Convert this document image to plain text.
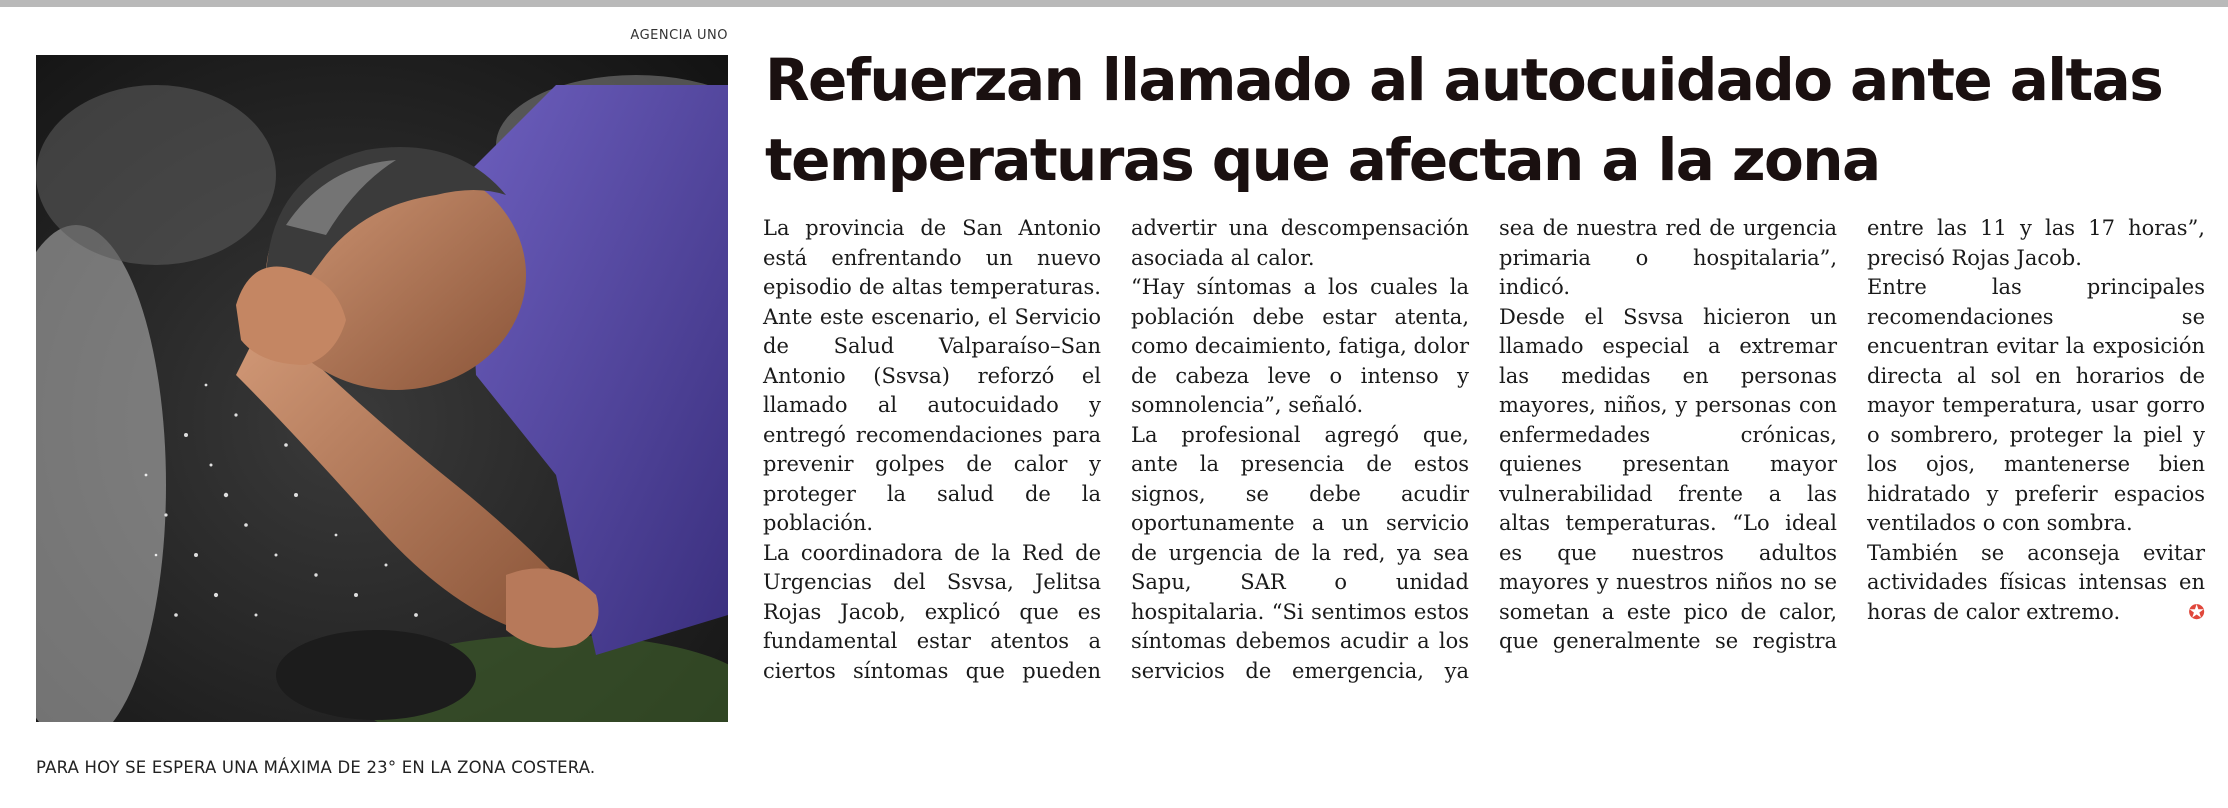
AGENCIA UNO
PARA HOY SE ESPERA UNA MÁXIMA DE 23° EN LA ZONA COSTERA.
Refuerzan llamado al autocuidado ante altas temperaturas que afectan a la zona

La provincia de San Antonio está enfrentando un nuevo episodio de altas temperaturas. Ante este escenario, el Servicio de Salud Valparaíso–San Antonio (Ssvsa) reforzó el llamado al autocuidado y entregó recomendaciones para prevenir golpes de calor y proteger la salud de la población.

La coordinadora de la Red de Urgencias del Ssvsa, Jelitsa Rojas Jacob, explicó que es fundamental estar atentos a ciertos síntomas que pueden advertir una descompensación asociada al calor.

“Hay síntomas a los cuales la población debe estar atenta, como decaimiento, fatiga, dolor de cabeza leve o intenso y somnolencia”, señaló.

La profesional agregó que, ante la presencia de estos signos, se debe acudir oportunamente a un servicio de urgencia de la red, ya sea Sapu, SAR o unidad hospitalaria. “Si sentimos estos síntomas debemos acudir a los servicios de emergencia, ya sea de nuestra red de urgencia primaria o hospitalaria”, indicó.

Desde el Ssvsa hicieron un llamado especial a extremar las medidas en personas mayores, niños, y personas con enfermedades crónicas, quienes presentan mayor vulnerabilidad frente a las altas temperaturas. “Lo ideal es que nuestros adultos mayores y nuestros niños no se sometan a este pico de calor, que generalmente se registra entre las 11 y las 17 horas”, precisó Rojas Jacob.

Entre las principales recomendaciones se encuentran evitar la exposición directa al sol en horarios de mayor temperatura, usar gorro o sombrero, proteger la piel y los ojos, mantenerse bien hidratado y preferir espacios ventilados o con sombra.

También se aconseja evitar actividades físicas intensas en horas de calor extremo.	✪
